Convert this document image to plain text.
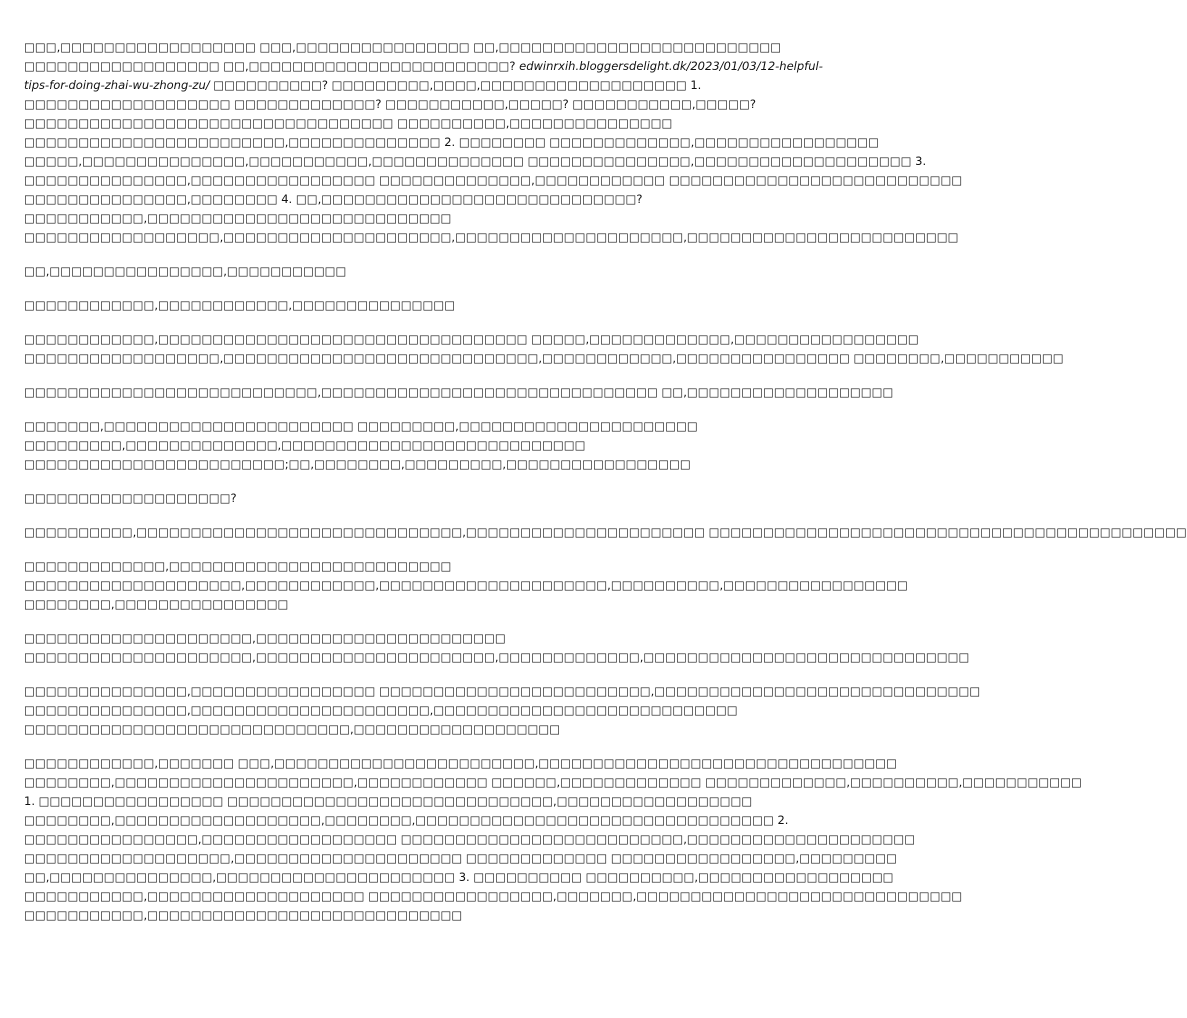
□□□,□□□□□□□□□□□□□□□□□□ □□□,□□□□□□□□□□□□□□□□ □□,□□□□□□□□□□□□□□□□□□□□□□□□□□
□□□□□□□□□□□□□□□□□□ □□,□□□□□□□□□□□□□□□□□□□□□□□□? edwinrxih.bloggersdelight.dk/2023/01/03/12-helpful-
tips-for-doing-zhai-wu-zhong-zu/ □□□□□□□□□□? □□□□□□□□□,□□□□,□□□□□□□□□□□□□□□□□□□ 1.
□□□□□□□□□□□□□□□□□□□ □□□□□□□□□□□□□? □□□□□□□□□□□,□□□□□? □□□□□□□□□□□,□□□□□?
□□□□□□□□□□□□□□□□□□□□□□□□□□□□□□□□□□ □□□□□□□□□□,□□□□□□□□□□□□□□□
□□□□□□□□□□□□□□□□□□□□□□□□,□□□□□□□□□□□□□□ 2. □□□□□□□□ □□□□□□□□□□□□□,□□□□□□□□□□□□□□□□□
□□□□□,□□□□□□□□□□□□□□□,□□□□□□□□□□□,□□□□□□□□□□□□□□ □□□□□□□□□□□□□□□,□□□□□□□□□□□□□□□□□□□□ 3.
□□□□□□□□□□□□□□□,□□□□□□□□□□□□□□□□□ □□□□□□□□□□□□□□,□□□□□□□□□□□□ □□□□□□□□□□□□□□□□□□□□□□□□□□□
□□□□□□□□□□□□□□□,□□□□□□□□ 4. □□,□□□□□□□□□□□□□□□□□□□□□□□□□□□□□?
□□□□□□□□□□□,□□□□□□□□□□□□□□□□□□□□□□□□□□□□
□□□□□□□□□□□□□□□□□□,□□□□□□□□□□□□□□□□□□□□□,□□□□□□□□□□□□□□□□□□□□□,□□□□□□□□□□□□□□□□□□□□□□□□□
□□,□□□□□□□□□□□□□□□□,□□□□□□□□□□□
□□□□□□□□□□□□,□□□□□□□□□□□□,□□□□□□□□□□□□□□□
□□□□□□□□□□□□,□□□□□□□□□□□□□□□□□□□□□□□□□□□□□□□□□□ □□□□□,□□□□□□□□□□□□□,□□□□□□□□□□□□□□□□□
□□□□□□□□□□□□□□□□□□,□□□□□□□□□□□□□□□□□□□□□□□□□□□□□,□□□□□□□□□□□□,□□□□□□□□□□□□□□□□ □□□□□□□□,□□□□□□□□□□□
□□□□□□□□□□□□□□□□□□□□□□□□□□□,□□□□□□□□□□□□□□□□□□□□□□□□□□□□□□□ □□,□□□□□□□□□□□□□□□□□□□
□□□□□□□,□□□□□□□□□□□□□□□□□□□□□□□ □□□□□□□□□,□□□□□□□□□□□□□□□□□□□□□□
□□□□□□□□□,□□□□□□□□□□□□□□,□□□□□□□□□□□□□□□□□□□□□□□□□□□□
□□□□□□□□□□□□□□□□□□□□□□□□;□□,□□□□□□□□,□□□□□□□□□,□□□□□□□□□□□□□□□□□
□□□□□□□□□□□□□□□□□□□?
□□□□□□□□□□,□□□□□□□□□□□□□□□□□□□□□□□□□□□□□□,□□□□□□□□□□□□□□□□□□□□□□ □□□□□□□□□□□□□□□□□□□□□□□□□□□□□□□□□□□□□□□□□□□□
□□□□□□□□□□□□□,□□□□□□□□□□□□□□□□□□□□□□□□□□
□□□□□□□□□□□□□□□□□□□□,□□□□□□□□□□□□,□□□□□□□□□□□□□□□□□□□□□,□□□□□□□□□□,□□□□□□□□□□□□□□□□□
□□□□□□□□,□□□□□□□□□□□□□□□□
□□□□□□□□□□□□□□□□□□□□□,□□□□□□□□□□□□□□□□□□□□□□□
□□□□□□□□□□□□□□□□□□□□□,□□□□□□□□□□□□□□□□□□□□□□,□□□□□□□□□□□□□,□□□□□□□□□□□□□□□□□□□□□□□□□□□□□□
□□□□□□□□□□□□□□□,□□□□□□□□□□□□□□□□□ □□□□□□□□□□□□□□□□□□□□□□□□□,□□□□□□□□□□□□□□□□□□□□□□□□□□□□□□
□□□□□□□□□□□□□□□,□□□□□□□□□□□□□□□□□□□□□□,□□□□□□□□□□□□□□□□□□□□□□□□□□□□
□□□□□□□□□□□□□□□□□□□□□□□□□□□□□□,□□□□□□□□□□□□□□□□□□□
□□□□□□□□□□□□,□□□□□□□ □□□,□□□□□□□□□□□□□□□□□□□□□□□□,□□□□□□□□□□□□□□□□□□□□□□□□□□□□□□□□□
□□□□□□□□,□□□□□□□□□□□□□□□□□□□□□□,□□□□□□□□□□□□ □□□□□□,□□□□□□□□□□□□□ □□□□□□□□□□□□□,□□□□□□□□□□,□□□□□□□□□□□
1. □□□□□□□□□□□□□□□□□ □□□□□□□□□□□□□□□□□□□□□□□□□□□□□□,□□□□□□□□□□□□□□□□□□
□□□□□□□□,□□□□□□□□□□□□□□□□□□□,□□□□□□□□,□□□□□□□□□□□□□□□□□□□□□□□□□□□□□□□□□ 2.
□□□□□□□□□□□□□□□□,□□□□□□□□□□□□□□□□□□ □□□□□□□□□□□□□□□□□□□□□□□□□□,□□□□□□□□□□□□□□□□□□□□□
□□□□□□□□□□□□□□□□□□□,□□□□□□□□□□□□□□□□□□□□□ □□□□□□□□□□□□□ □□□□□□□□□□□□□□□□□,□□□□□□□□□
□□,□□□□□□□□□□□□□□□,□□□□□□□□□□□□□□□□□□□□□□ 3. □□□□□□□□□□ □□□□□□□□□□,□□□□□□□□□□□□□□□□□□
□□□□□□□□□□□,□□□□□□□□□□□□□□□□□□□□ □□□□□□□□□□□□□□□□□,□□□□□□□,□□□□□□□□□□□□□□□□□□□□□□□□□□□□□□
□□□□□□□□□□□,□□□□□□□□□□□□□□□□□□□□□□□□□□□□□
